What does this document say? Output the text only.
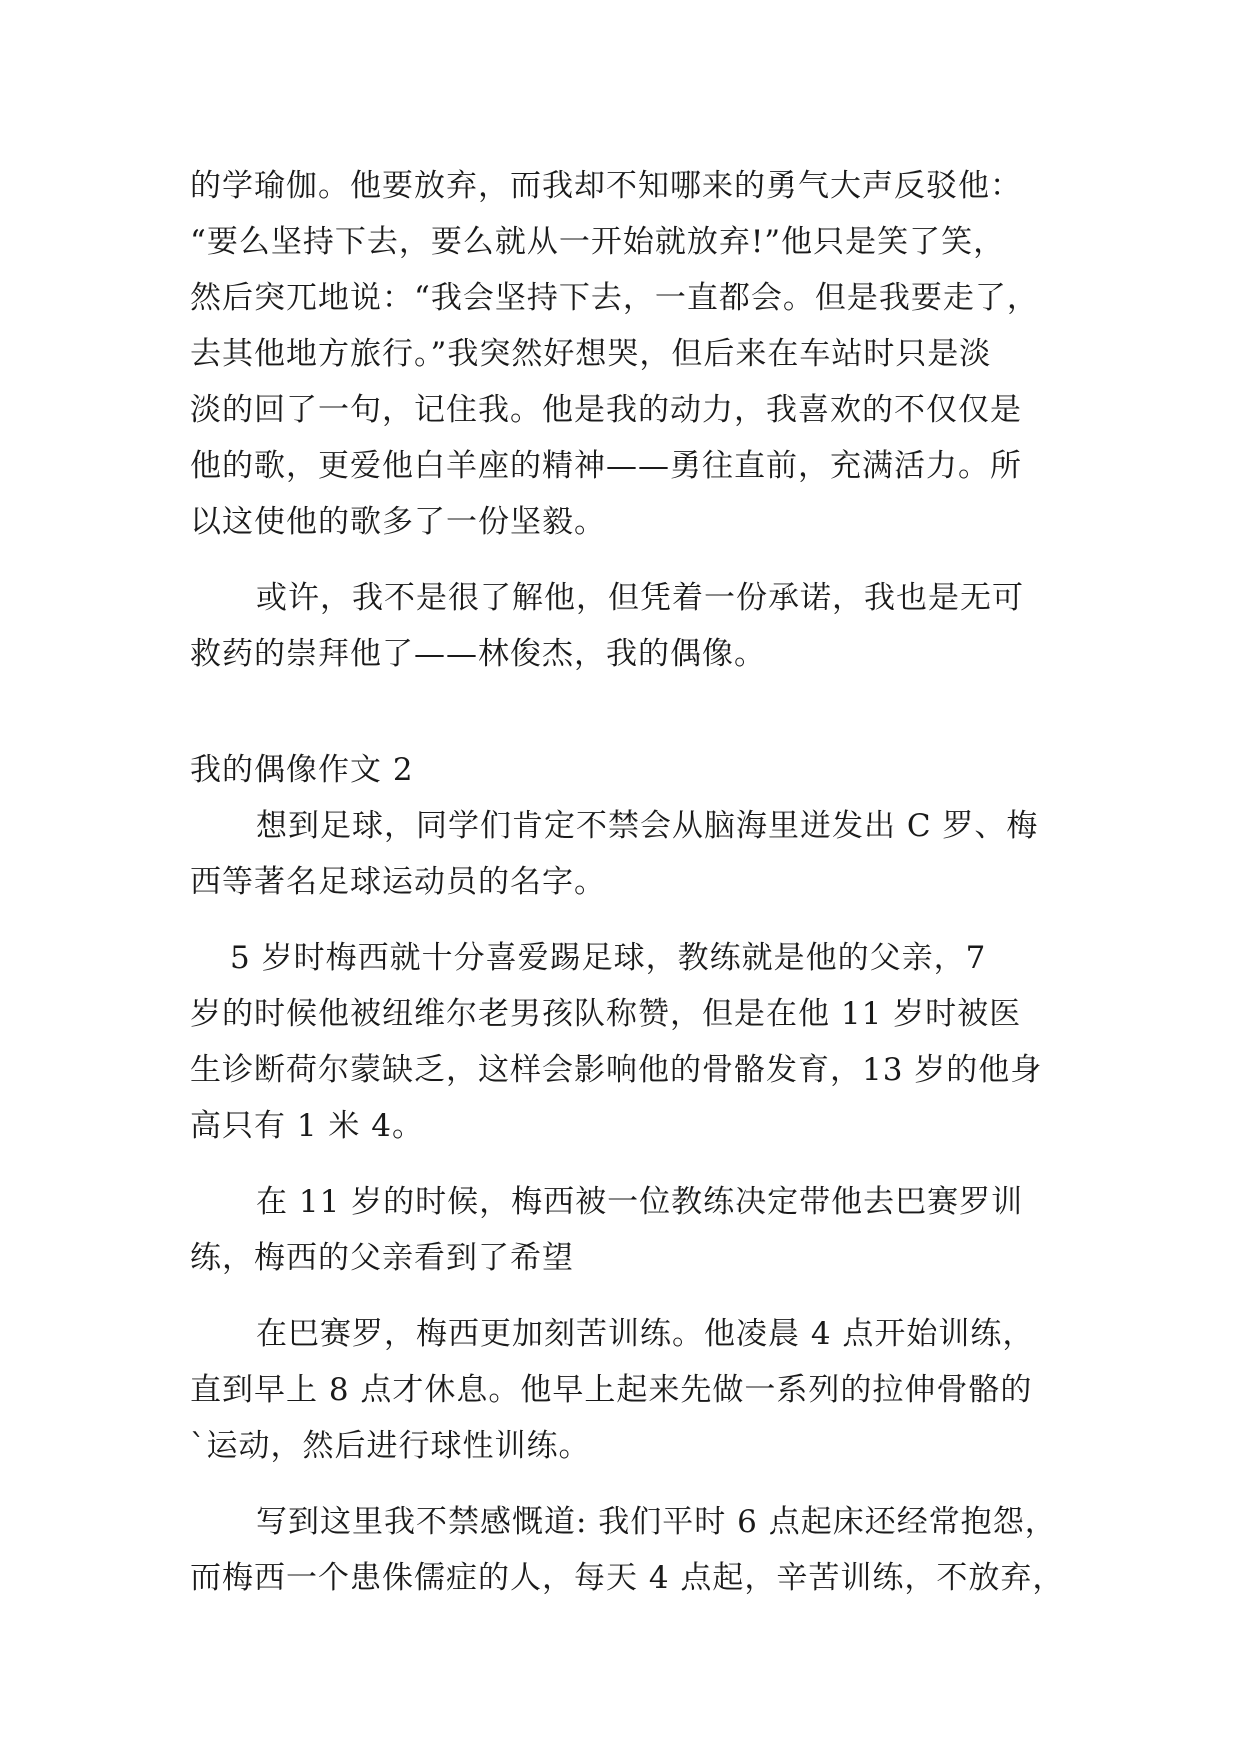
的学瑜伽。他要放弃，而我却不知哪来的勇气大声反驳他：
“要么坚持下去，要么就从一开始就放弃!”他只是笑了笑，
然后突兀地说：“我会坚持下去，一直都会。但是我要走了，
去其他地方旅行。”我突然好想哭，但后来在车站时只是淡
淡的回了一句，记住我。他是我的动力，我喜欢的不仅仅是
他的歌，更爱他白羊座的精神——勇往直前，充满活力。所
以这使他的歌多了一份坚毅。
或许，我不是很了解他，但凭着一份承诺，我也是无可
救药的崇拜他了——林俊杰，我的偶像。
我的偶像作文 2
想到足球，同学们肯定不禁会从脑海里迸发出 C 罗、梅
西等著名足球运动员的名字。
5 岁时梅西就十分喜爱踢足球，教练就是他的父亲，7
岁的时候他被纽维尔老男孩队称赞，但是在他 11 岁时被医
生诊断荷尔蒙缺乏，这样会影响他的骨骼发育，13 岁的他身
高只有 1 米 4。
在 11 岁的时候，梅西被一位教练决定带他去巴赛罗训
练，梅西的父亲看到了希望
在巴赛罗，梅西更加刻苦训练。他凌晨 4 点开始训练，
直到早上 8 点才休息。他早上起来先做一系列的拉伸骨骼的
`运动，然后进行球性训练。
写到这里我不禁感慨道: 我们平时 6 点起床还经常抱怨，
而梅西一个患侏儒症的人，每天 4 点起，辛苦训练，不放弃，
